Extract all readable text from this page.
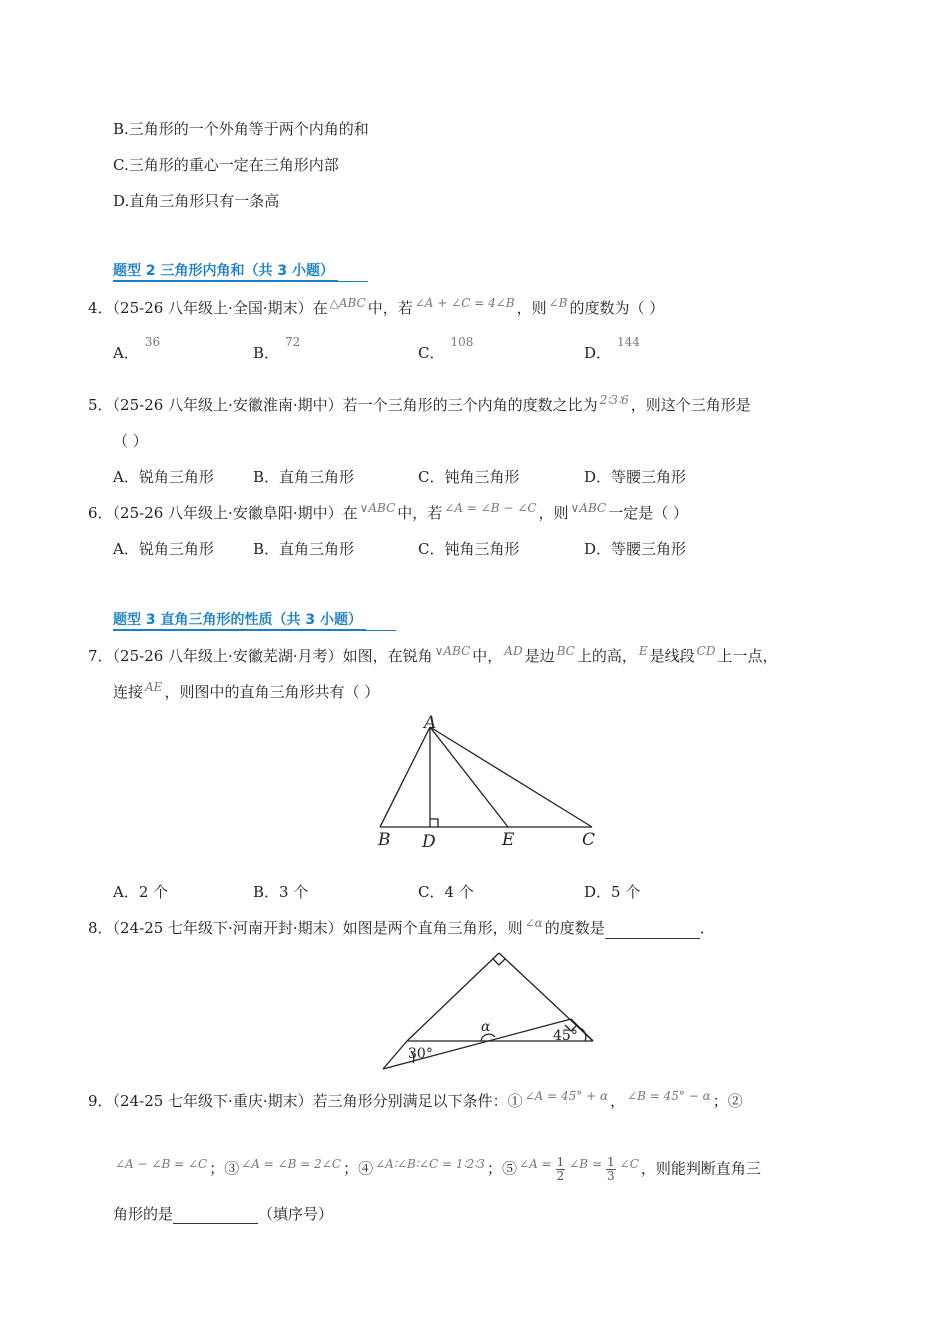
B.三角形的一个外角等于两个内角的和
C.三角形的重心一定在三角形内部
D.直角三角形只有一条高
题型 2 三角形内角和（共 3 小题）
4．（25-26 八年级上·全国·期末）在 $^{\triangle ABC}$ 中，若 $^{\angle A + \angle C = 4\angle B}$ ，则 $^{\angle B}$ 的度数为（ ）
A．$^{36}$
B．$^{72}$
C．$^{108}$
D．$^{144}$
5．（25-26 八年级上·安徽淮南·期中）若一个三角形的三个内角的度数之比为 $^{2∶3∶6}$ ，则这个三角形是
（ ）
A．锐角三角形	B．直角三角形	C．钝角三角形	D．等腰三角形
6．（25-26 八年级上·安徽阜阳·期中）在 $^{\vee ABC}$ 中，若 $^{\angle A = \angle B - \angle C}$ ，则 $^{\vee ABC}$ 一定是（ ）
A．锐角三角形	B．直角三角形	C．钝角三角形	D．等腰三角形
题型 3 直角三角形的性质（共 3 小题）
7．（25-26 八年级上·安徽芜湖·月考）如图，在锐角 $^{\vee ABC}$ 中， $^{AD}$ 是边 $^{BC}$ 上的高， $^E$ 是线段 $^{CD}$ 上一点，
连接 $^{AE}$ ，则图中的直角三角形共有（ ）
A
B D	E	C
A．2 个	B．3 个	C．4 个	D．5 个
8．（24-25 七年级下·河南开封·期末）如图是两个直角三角形，则 $^{\angle\alpha}$ 的度数是	．
α
30°
45°
9．（24-25 七年级下·重庆·期末）若三角形分别满足以下条件：① $^{\angle A = 45^\circ + \alpha}$ ， $^{\angle B = 45^\circ - \alpha}$ ；②
$^{\angle A - \angle B = \angle C}$ ；③ $^{\angle A = \angle B = 2\angle C}$ ；④ $^{\angle A∶\angle B∶\angle C = 1∶2∶3}$ ；⑤ $^{\angle A =} \frac{1}{2} ^{\angle B =} \frac{1}{3} ^{\angle C}$ ，则能判断直角三
角形的是	（填序号）
